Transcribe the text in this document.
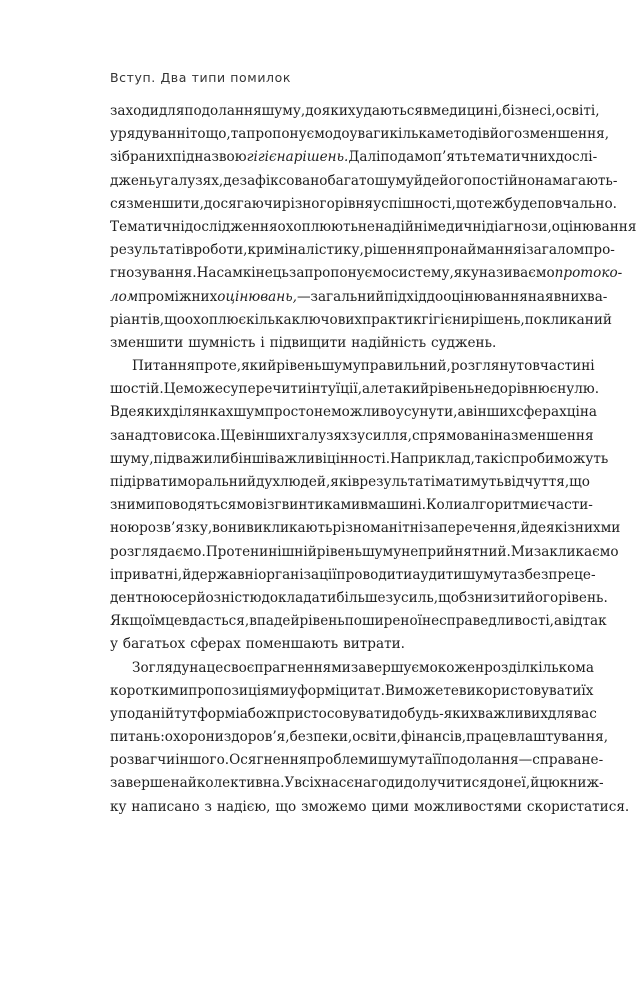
Вступ. Два типи помилок
заходи для подолання шуму, до яких удаються в медицині, бізнесі, освіті,
урядуванні тощо, та пропонуємо до уваги кілька методів його зменшення,
зібраних під назвою гігієна рішень. Далі подамо п’ять тематичних дослі-
джень у галузях, де зафіксовано багато шуму й де його постійно намагають-
ся зменшити, досягаючи різного рівня успішності, що теж буде повчально.
Тематичні дослідження охоплюють ненадійні медичні діагнози, оцінювання
результатів роботи, криміналістику, рішення про наймання і загалом про-
гнозування. Насамкінець запропонуємо систему, яку називаємо протоко-
лом проміжних оцінювань, — загальний підхід до оцінювання наявних ва-
ріантів, що охоплює кілька ключових практик гігієни рішень, покликаний
зменшити шумність і підвищити надійність суджень.
Питання про те, який рівень шуму правильний, розглянуто в частині
шостій. Це може суперечити інтуїції, але такий рівень не дорівнює нулю.
В деяких ділянках шум просто неможливо усунути, а в інших сферах ціна
занадто висока. Ще в інших галузях зусилля, спрямовані на зменшення
шуму, підважили б інші важливі цінності. Наприклад, такі спроби можуть
підірвати моральний дух людей, які в результаті матимуть відчуття, що
з ними поводяться мов із гвинтиками в машині. Коли алгоритми є части-
ною розв’язку, вони викликають різноманітні заперечення, й деякі з них ми
розглядаємо. Проте нинішній рівень шуму неприйнятний. Ми закликаємо
і приватні, й державні організації проводити аудити шуму та з безпреце-
дентною серйозністю докладати більше зусиль, щоб знизити його рівень.
Якщо їм це вдасться, впаде й рівень поширеної несправедливості, а відтак
у багатьох сферах поменшають витрати.
З огляду на це своє прагнення ми завершуємо кожен розділ кількома
короткими пропозиціями у формі цитат. Ви можете використовувати їх
у поданій тут формі або ж пристосовувати до будь-яких важливих для вас
питань: охорони здоров’я, безпеки, освіти, фінансів, працевлаштування,
розваг чи іншого. Осягнення проблеми шуму та її подолання — справа не-
завершена й колективна. У всіх нас є нагоди долучитися до неї, й цю книж-
ку написано з надією, що зможемо цими можливостями скористатися.
